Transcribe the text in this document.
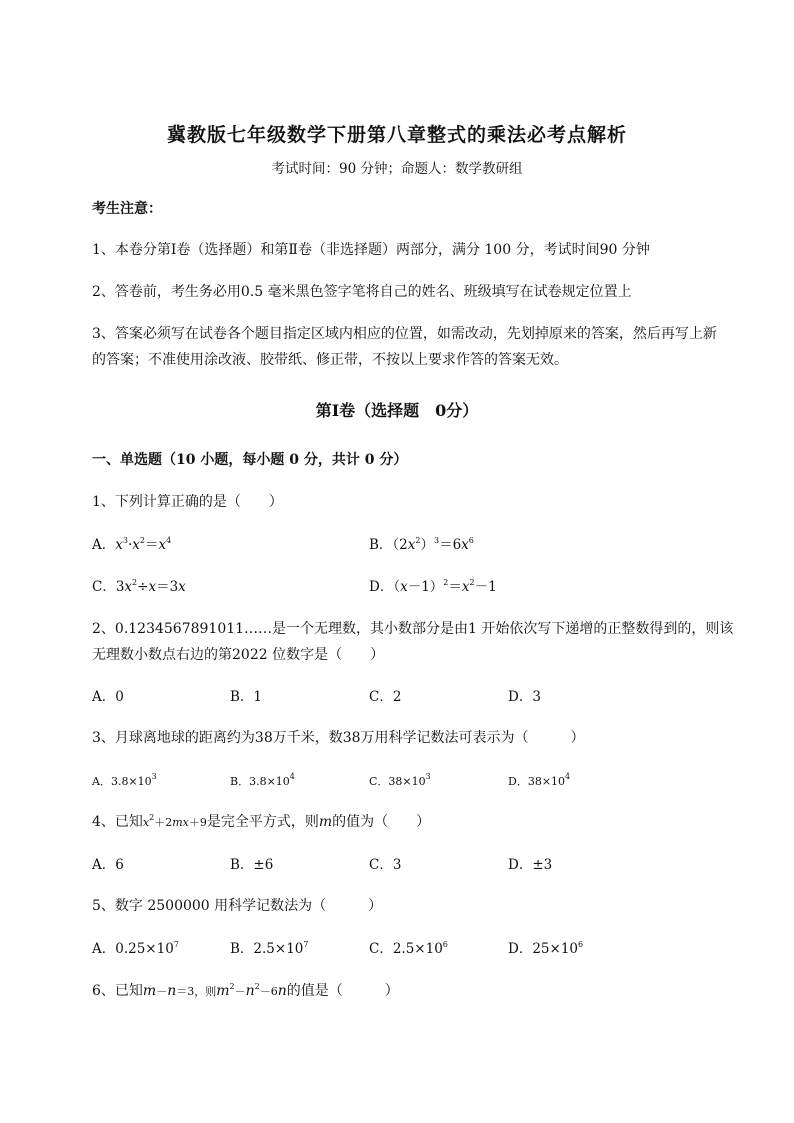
冀教版七年级数学下册第八章整式的乘法必考点解析
考试时间：90 分钟；命题人：数学教研组
考生注意：
1、本卷分第Ⅰ卷（选择题）和第Ⅱ卷（非选择题）两部分，满分 100 分，考试时间90 分钟
2、答卷前，考生务必用0.5 毫米黑色签字笔将自己的姓名、班级填写在试卷规定位置上
3、答案必须写在试卷各个题目指定区域内相应的位置，如需改动，先划掉原来的答案，然后再写上新
的答案；不准使用涂改液、胶带纸、修正带，不按以上要求作答的答案无效。
第Ⅰ卷（选择题　0分）
一、单选题（10 小题，每小题 0 分，共计 0 分）
1、下列计算正确的是（　　）
A．$x^3\cdot x^2=x^4$	B．$(2x^2)^3=6x^6$
C．$3x^2\div x=3x$	D．$(x-1)^2=x^2-1$
2、0.1234567891011……是一个无理数，其小数部分是由1 开始依次写下递增的正整数得到的，则该
无理数小数点右边的第2022 位数字是（　　）
A．0	B．1	C．2	D．3
3、月球离地球的距离约为38万千米，数38万用科学记数法可表示为（　　　）
A．$3.8\times 10^3$	B．$3.8\times 10^4$	C．$38\times 10^3$	D．$38\times 10^4$
4、已知$x^2+2mx+9$是完全平方式，则m的值为（　　）
A．6	B．±6	C．3	D．±3
5、数字 2500000 用科学记数法为（　　　）
A．$0.25\times 10^7$	B．$2.5\times 10^7$	C．$2.5\times 10^6$	D．$25\times 10^6$
6、已知m－n＝3，则$m^2-n^2-6n$的值是（　　　）
